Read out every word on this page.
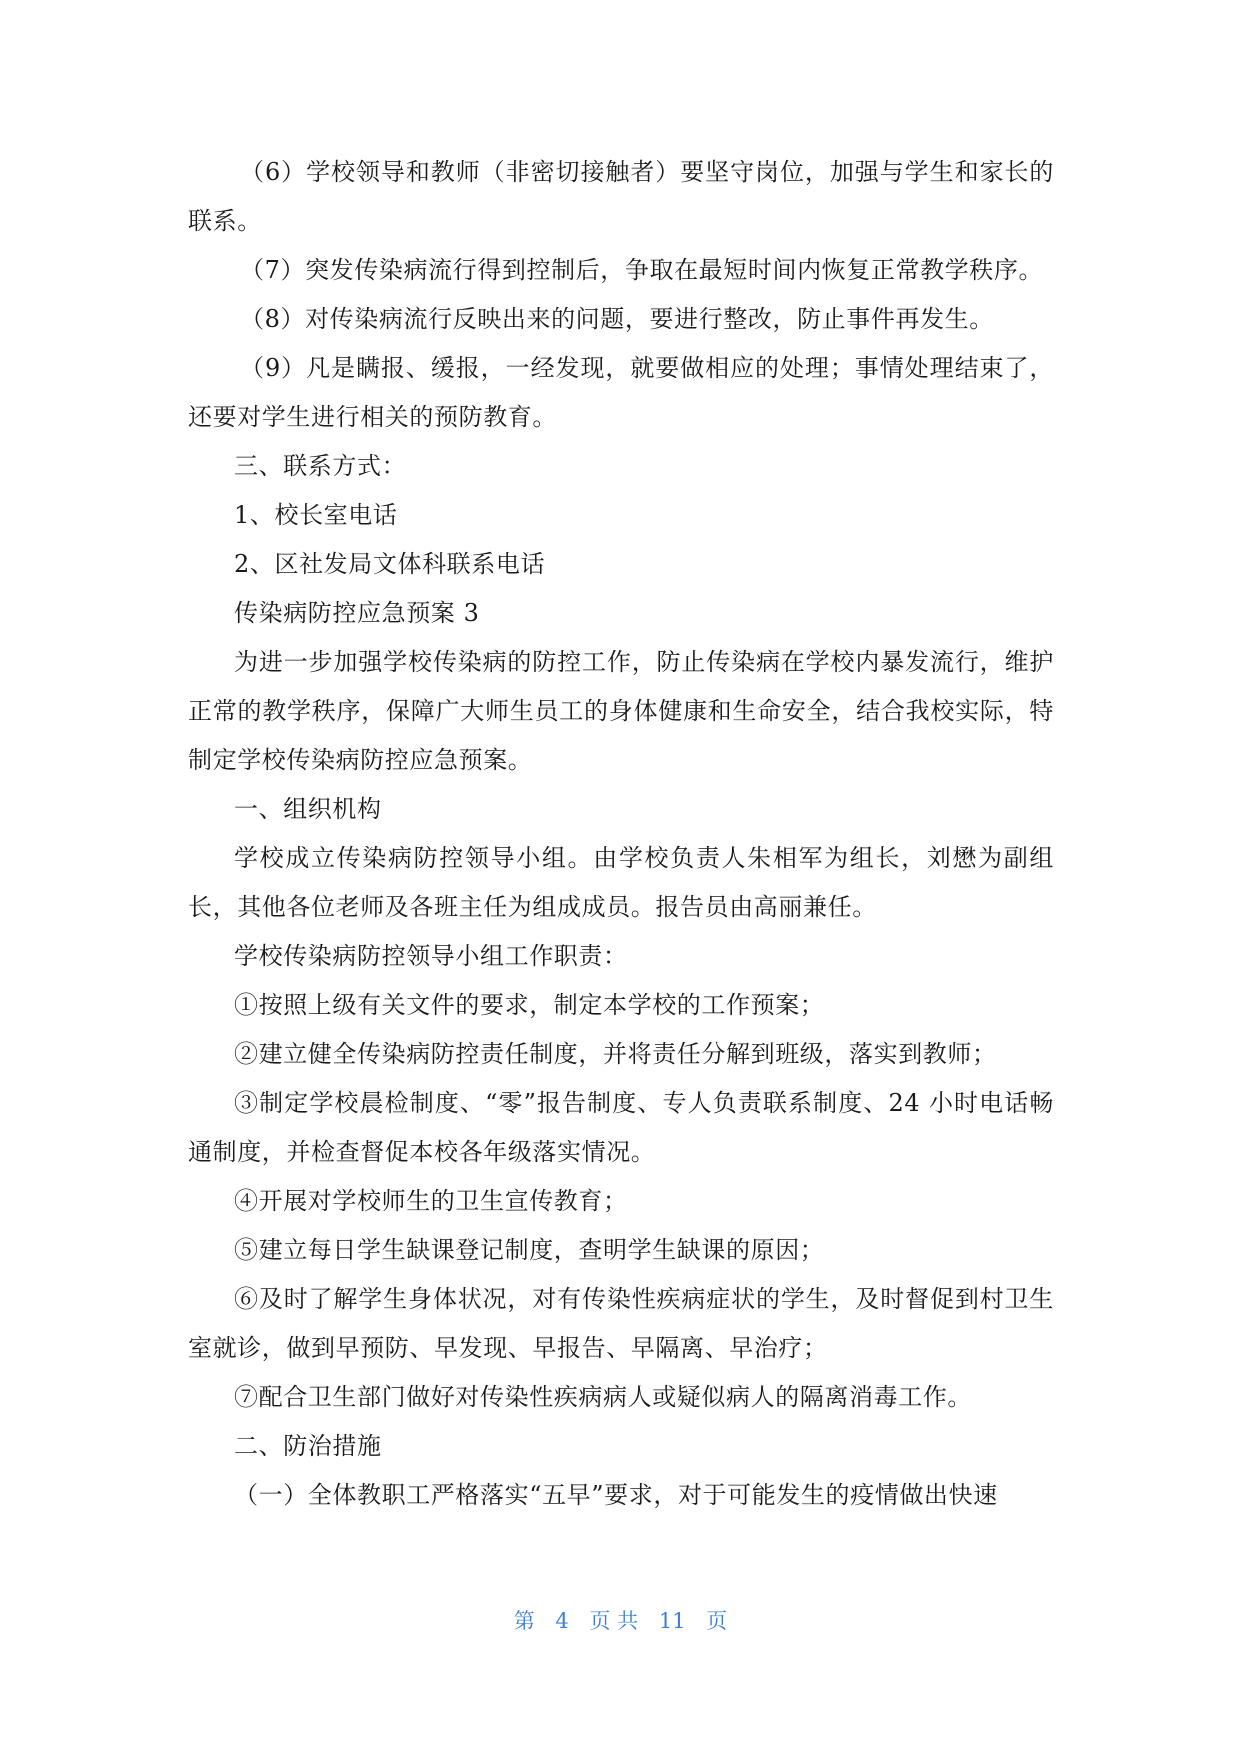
（6）学校领导和教师（非密切接触者）要坚守岗位，加强与学生和家长的联系。

（7）突发传染病流行得到控制后，争取在最短时间内恢复正常教学秩序。

（8）对传染病流行反映出来的问题，要进行整改，防止事件再发生。

（9）凡是瞒报、缓报，一经发现，就要做相应的处理；事情处理结束了，还要对学生进行相关的预防教育。

三、联系方式：

1、校长室电话

2、区社发局文体科联系电话

传染病防控应急预案 3

为进一步加强学校传染病的防控工作，防止传染病在学校内暴发流行，维护正常的教学秩序，保障广大师生员工的身体健康和生命安全，结合我校实际，特制定学校传染病防控应急预案。

一、组织机构

学校成立传染病防控领导小组。由学校负责人朱相军为组长，刘懋为副组长，其他各位老师及各班主任为组成成员。报告员由高丽兼任。

学校传染病防控领导小组工作职责：

①按照上级有关文件的要求，制定本学校的工作预案；

②建立健全传染病防控责任制度，并将责任分解到班级，落实到教师；

③制定学校晨检制度、“零”报告制度、专人负责联系制度、24 小时电话畅通制度，并检查督促本校各年级落实情况。

④开展对学校师生的卫生宣传教育；

⑤建立每日学生缺课登记制度，查明学生缺课的原因；

⑥及时了解学生身体状况，对有传染性疾病症状的学生，及时督促到村卫生室就诊，做到早预防、早发现、早报告、早隔离、早治疗；

⑦配合卫生部门做好对传染性疾病病人或疑似病人的隔离消毒工作。

二、防治措施

（一）全体教职工严格落实“五早”要求，对于可能发生的疫情做出快速

第 4 页 共 11 页
